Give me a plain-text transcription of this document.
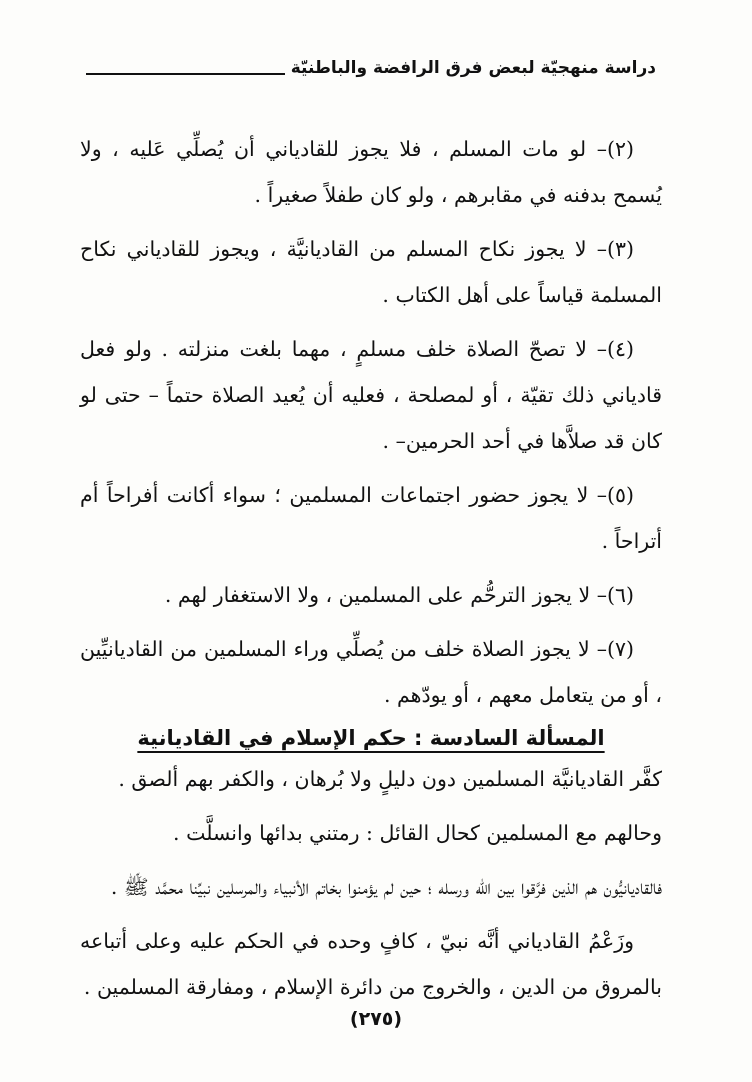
دراسة منهجيّة لبعض فرق الرافضة والباطنيّة

(٢)– لو مات المسلم ، فلا يجوز للقادياني أن يُصلِّي عَليه ، ولا يُسمح بدفنه في مقابرهم ، ولو كان طفلاً صغيراً .

(٣)– لا يجوز نكاح المسلم من القاديانيَّة ، ويجوز للقادياني نكاح المسلمة قياساً على أهل الكتاب .

(٤)– لا تصحّ الصلاة خلف مسلمٍ ، مهما بلغت منزلته . ولو فعل قادياني ذلك تقيّة ، أو لمصلحة ، فعليه أن يُعيد الصلاة حتماً – حتى لو كان قد صلاَّها في أحد الحرمين– .

(٥)– لا يجوز حضور اجتماعات المسلمين ؛ سواء أكانت أفراحاً أم أتراحاً .

(٦)– لا يجوز الترحُّم على المسلمين ، ولا الاستغفار لهم .

(٧)– لا يجوز الصلاة خلف من يُصلِّي وراء المسلمين من القاديانيِّين ، أو من يتعامل معهم ، أو يودّهم .

المسألة السادسة : حكم الإسلام في القاديانية

كفَّر القاديانيَّة المسلمين دون دليلٍ ولا بُرهان ، والكفر بهم ألصق .

وحالهم مع المسلمين كحال القائل : رمتني بدائها وانسلَّت .

فالقاديانيُّون هم الذين فرَّقوا بين الله ورسله ؛ حين لم يؤمنوا بخاتم الأنبياء والمرسلين نبيِّنا محمَّد ﷺ .

وزَعْمُ القادياني أنَّه نبيّ ، كافٍ وحده في الحكم عليه وعلى أتباعه بالمروق من الدين ، والخروج من دائرة الإسلام ، ومفارقة المسلمين .

(٢٧٥)
